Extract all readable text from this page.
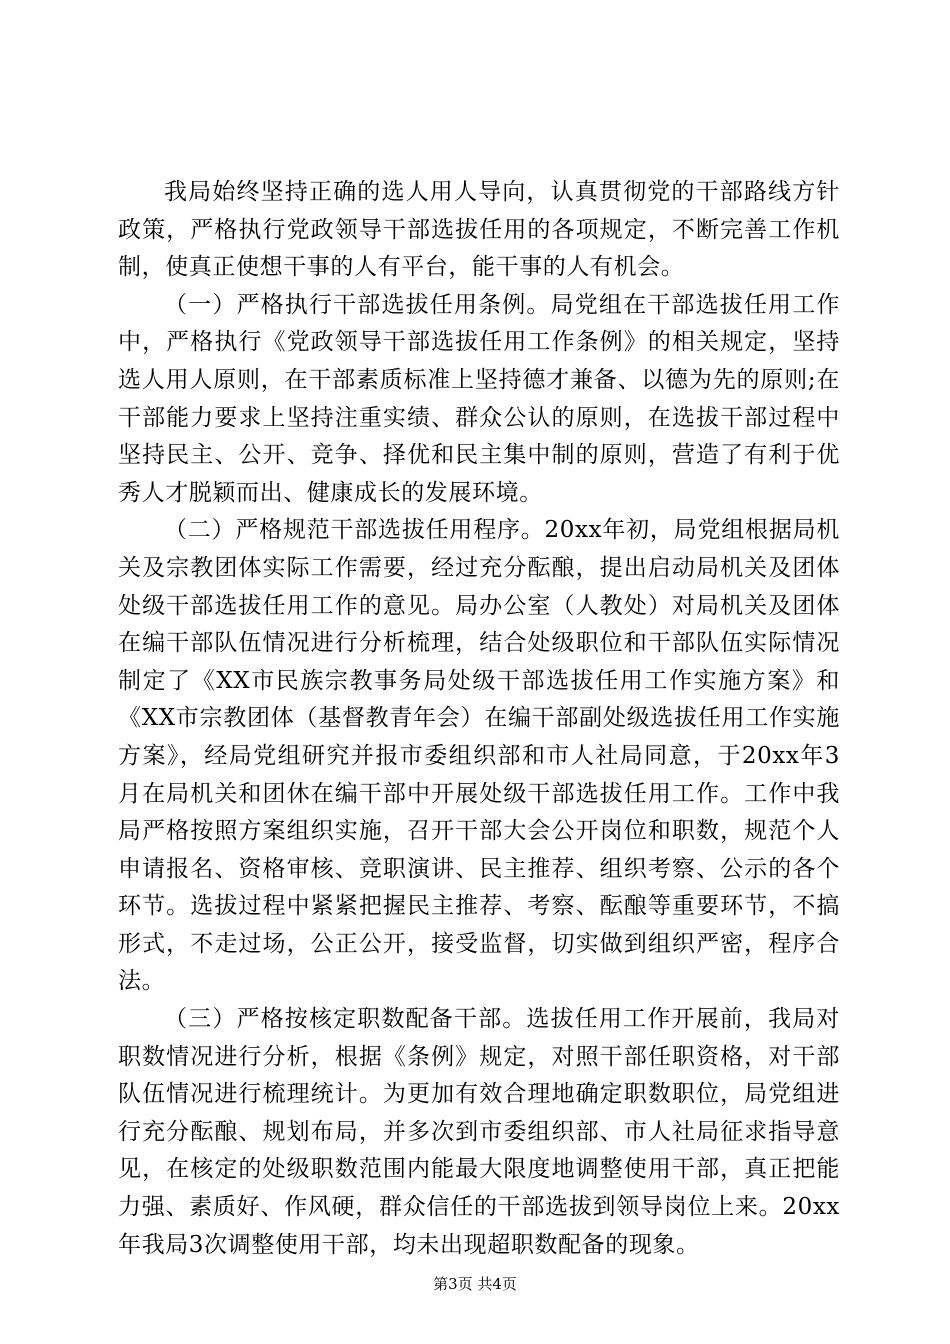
我局始终坚持正确的选人用人导向，认真贯彻党的干部路线方针政策，严格执行党政领导干部选拔任用的各项规定，不断完善工作机制，使真正使想干事的人有平台，能干事的人有机会。

（一）严格执行干部选拔任用条例。局党组在干部选拔任用工作中，严格执行《党政领导干部选拔任用工作条例》的相关规定，坚持选人用人原则，在干部素质标准上坚持德才兼备、以德为先的原则;在干部能力要求上坚持注重实绩、群众公认的原则，在选拔干部过程中坚持民主、公开、竞争、择优和民主集中制的原则，营造了有利于优秀人才脱颖而出、健康成长的发展环境。

（二）严格规范干部选拔任用程序。20xx年初，局党组根据局机关及宗教团体实际工作需要，经过充分酝酿，提出启动局机关及团体处级干部选拔任用工作的意见。局办公室（人教处）对局机关及团体在编干部队伍情况进行分析梳理，结合处级职位和干部队伍实际情况制定了《XX市民族宗教事务局处级干部选拔任用工作实施方案》和《XX市宗教团体（基督教青年会）在编干部副处级选拔任用工作实施方案》，经局党组研究并报市委组织部和市人社局同意，于20xx年3月在局机关和团休在编干部中开展处级干部选拔任用工作。工作中我局严格按照方案组织实施，召开干部大会公开岗位和职数，规范个人申请报名、资格审核、竞职演讲、民主推荐、组织考察、公示的各个环节。选拔过程中紧紧把握民主推荐、考察、酝酿等重要环节，不搞形式，不走过场，公正公开，接受监督，切实做到组织严密，程序合法。

（三）严格按核定职数配备干部。选拔任用工作开展前，我局对职数情况进行分析，根据《条例》规定，对照干部任职资格，对干部队伍情况进行梳理统计。为更加有效合理地确定职数职位，局党组进行充分酝酿、规划布局，并多次到市委组织部、市人社局征求指导意见，在核定的处级职数范围内能最大限度地调整使用干部，真正把能力强、素质好、作风硬，群众信任的干部选拔到领导岗位上来。20xx年我局3次调整使用干部，均未出现超职数配备的现象。

第3页 共4页
